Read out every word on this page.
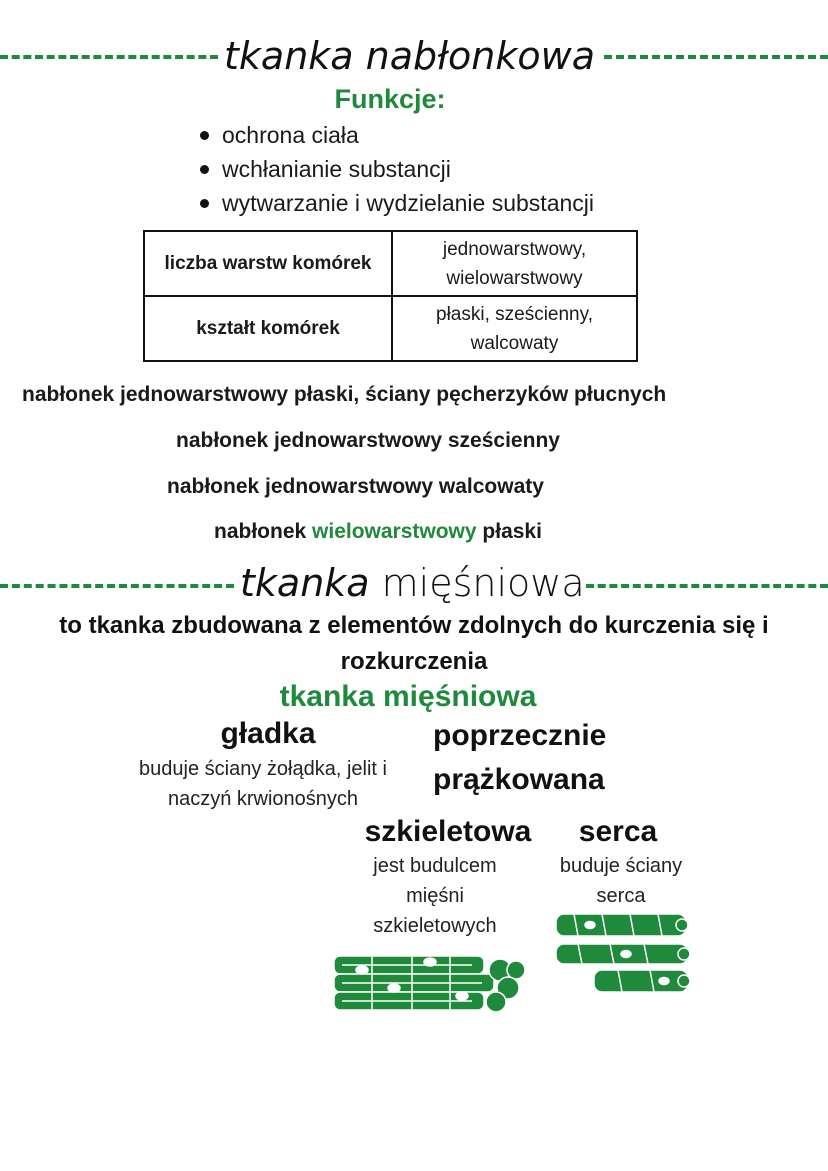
tkanka nabłonkowa
Funkcje:
ochrona ciała
wchłanianie substancji
wytwarzanie i wydzielanie substancji
liczba warstw komórek	jednowarstwowy, wielowarstwowy
kształt komórek	płaski, sześcienny, walcowaty
nabłonek jednowarstwowy płaski, ściany pęcherzyków płucnych
nabłonek jednowarstwowy sześcienny
nabłonek jednowarstwowy walcowaty
nabłonek wielowarstwowy płaski
tkanka mięśniowa
to tkanka zbudowana z elementów zdolnych do kurczenia się i rozkurczenia
tkanka mięśniowa
gładka
buduje ściany żołądka, jelit i naczyń krwionośnych
poprzecznie prążkowana
szkieletowa
jest budulcem mięśni szkieletowych
serca
buduje ściany serca
